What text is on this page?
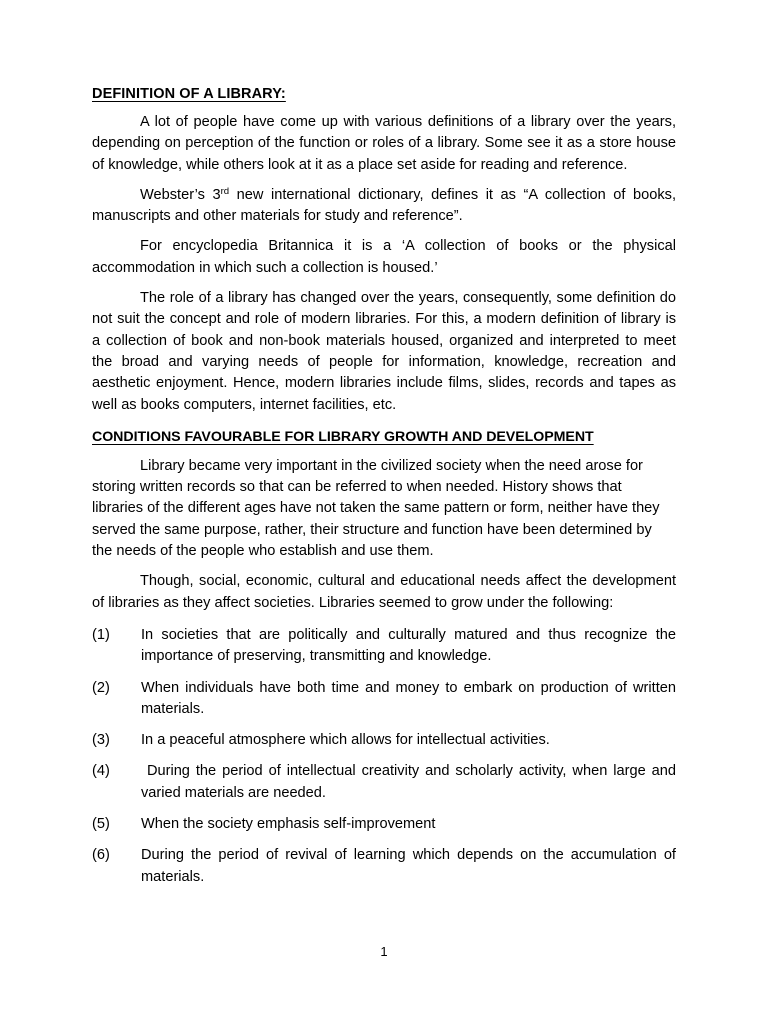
DEFINITION OF A LIBRARY:

A lot of people have come up with various definitions of a library over the years, depending on perception of the function or roles of a library. Some see it as a store house of knowledge, while others look at it as a place set aside for reading and reference.

Webster’s 3rd new international dictionary, defines it as “A collection of books, manuscripts and other materials for study and reference”.

For encyclopedia Britannica it is a ‘A collection of books or the physical accommodation in which such a collection is housed.’

The role of a library has changed over the years, consequently, some definition do not suit the concept and role of modern libraries. For this, a modern definition of library is a collection of book and non-book materials housed, organized and interpreted to meet the broad and varying needs of people for information, knowledge, recreation and aesthetic enjoyment. Hence, modern libraries include films, slides, records and tapes as well as books computers, internet facilities, etc.

CONDITIONS FAVOURABLE FOR LIBRARY GROWTH AND DEVELOPMENT

Library became very important in the civilized society when the need arose for storing written records so that can be referred to when needed. History shows that libraries of the different ages have not taken the same pattern or form, neither have they served the same purpose, rather, their structure and function have been determined by the needs of the people who establish and use them.

Though, social, economic, cultural and educational needs affect the development of libraries as they affect societies. Libraries seemed to grow under the following:

(1)	In societies that are politically and culturally matured and thus recognize the importance of preserving, transmitting and knowledge.
(2)	When individuals have both time and money to embark on production of written materials.
(3)	In a peaceful atmosphere which allows for intellectual activities.
(4)	During the period of intellectual creativity and scholarly activity, when large and varied materials are needed.
(5)	When the society emphasis self-improvement
(6)	During the period of revival of learning which depends on the accumulation of materials.
1
